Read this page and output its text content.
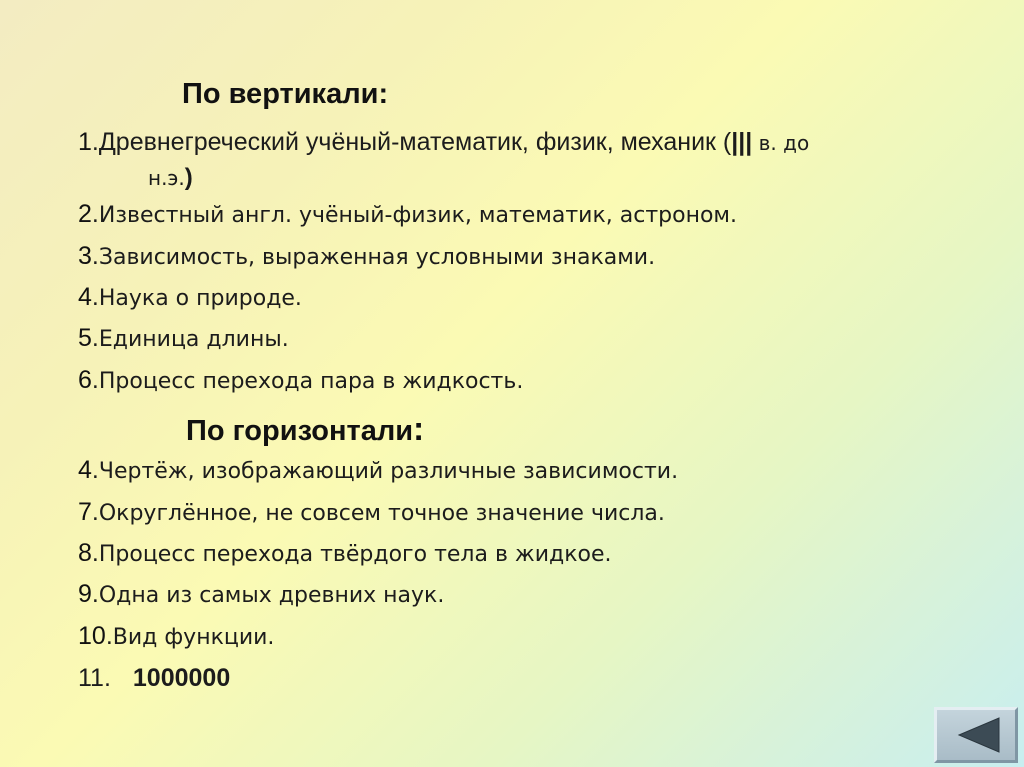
По вертикали:
1.Древнегреческий учёный-математик, физик, механик (||| в. до
н.э.)
2.Известный англ. учёный-физик, математик, астроном.
3.Зависимость, выраженная условными знаками.
4.Наука о природе.
5.Единица длины.
6.Процесс перехода пара в жидкость.
По горизонтали:
4.Чертёж, изображающий различные зависимости.
7.Округлённое, не совсем точное значение числа.
8.Процесс перехода твёрдого тела в жидкое.
9.Одна из самых древних наук.
10.Вид функции.
11. 1000000
